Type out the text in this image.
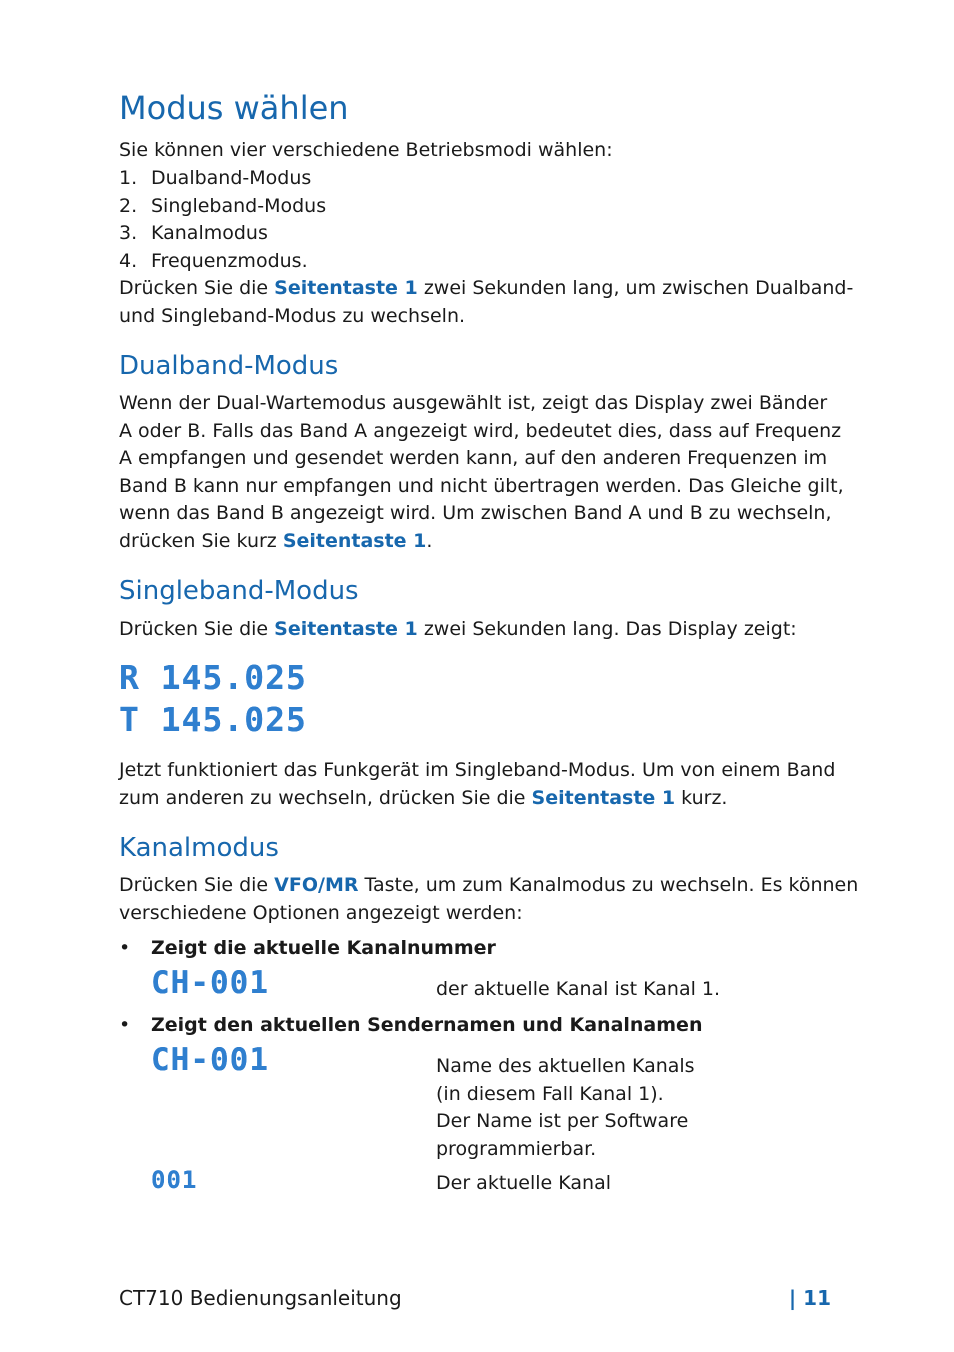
Modus wählen

Sie können vier verschiedene Betriebsmodi wählen:

1. Dualband-Modus
2. Singleband-Modus
3. Kanalmodus
4. Frequenzmodus.

Drücken Sie die Seitentaste 1 zwei Sekunden lang, um zwischen Dualband-
und Singleband-Modus zu wechseln.

Dualband-Modus

Wenn der Dual-Wartemodus ausgewählt ist, zeigt das Display zwei Bänder
A oder B. Falls das Band A angezeigt wird, bedeutet dies, dass auf Frequenz
A empfangen und gesendet werden kann, auf den anderen Frequenzen im
Band B kann nur empfangen und nicht übertragen werden. Das Gleiche gilt,
wenn das Band B angezeigt wird. Um zwischen Band A und B zu wechseln,
drücken Sie kurz Seitentaste 1.

Singleband-Modus

Drücken Sie die Seitentaste 1 zwei Sekunden lang. Das Display zeigt:

R 145.025
T 145.025

Jetzt funktioniert das Funkgerät im Singleband-Modus. Um von einem Band
zum anderen zu wechseln, drücken Sie die Seitentaste 1 kurz.

Kanalmodus

Drücken Sie die VFO/MR Taste, um zum Kanalmodus zu wechseln. Es können
verschiedene Optionen angezeigt werden:

• Zeigt die aktuelle Kanalnummer
CH-001	der aktuelle Kanal ist Kanal 1.
• Zeigt den aktuellen Sendernamen und Kanalnamen
CH-001	Name des aktuellen Kanals
(in diesem Fall Kanal 1).
Der Name ist per Software
programmierbar.
001	Der aktuelle Kanal
CT710 Bedienungsanleitung	| 11
